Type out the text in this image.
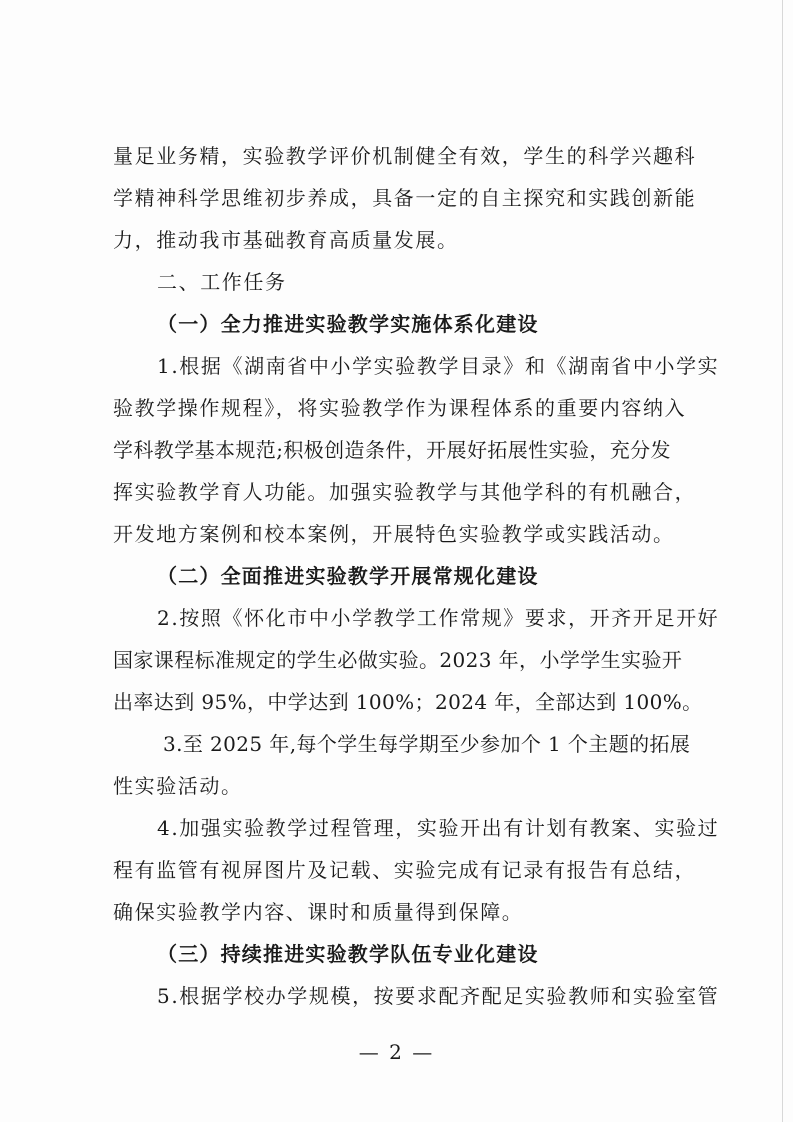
量足业务精，实验教学评价机制健全有效，学生的科学兴趣科
学精神科学思维初步养成，具备一定的自主探究和实践创新能
力，推动我市基础教育高质量发展。
二、工作任务
（一）全力推进实验教学实施体系化建设
1.根据《湖南省中小学实验教学目录》和《湖南省中小学实
验教学操作规程》，将实验教学作为课程体系的重要内容纳入
学科教学基本规范;积极创造条件，开展好拓展性实验，充分发
挥实验教学育人功能。加强实验教学与其他学科的有机融合，
开发地方案例和校本案例，开展特色实验教学或实践活动。
（二）全面推进实验教学开展常规化建设
2.按照《怀化市中小学教学工作常规》要求，开齐开足开好
国家课程标准规定的学生必做实验。2023 年，小学学生实验开
出率达到 95%，中学达到 100%；2024 年，全部达到 100%。
3.至 2025 年,每个学生每学期至少参加个 1 个主题的拓展
性实验活动。
4.加强实验教学过程管理，实验开出有计划有教案、实验过
程有监管有视屏图片及记载、实验完成有记录有报告有总结，
确保实验教学内容、课时和质量得到保障。
（三）持续推进实验教学队伍专业化建设
5.根据学校办学规模，按要求配齐配足实验教师和实验室管
— 2 —
